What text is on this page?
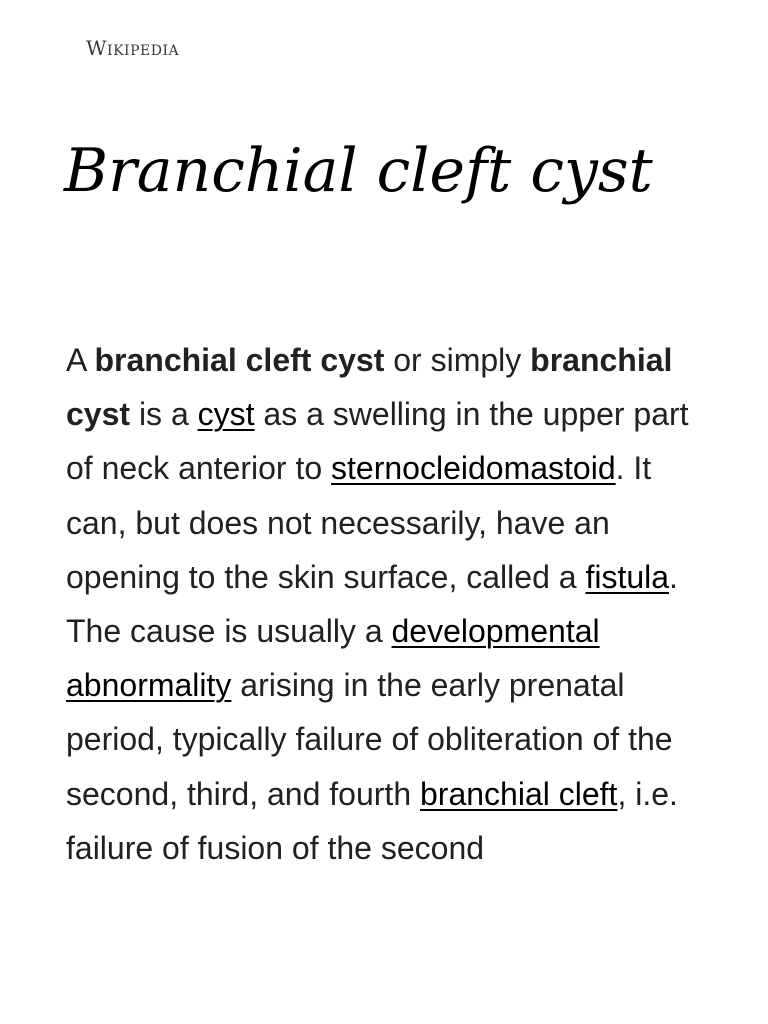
Wikipedia
Branchial cleft cyst

A branchial cleft cyst or simply branchial cyst is a cyst as a swelling in the upper part of neck anterior to sternocleidomastoid. It can, but does not necessarily, have an opening to the skin surface, called a fistula. The cause is usually a developmental abnormality arising in the early prenatal period, typically failure of obliteration of the second, third, and fourth branchial cleft, i.e. failure of fusion of the second
